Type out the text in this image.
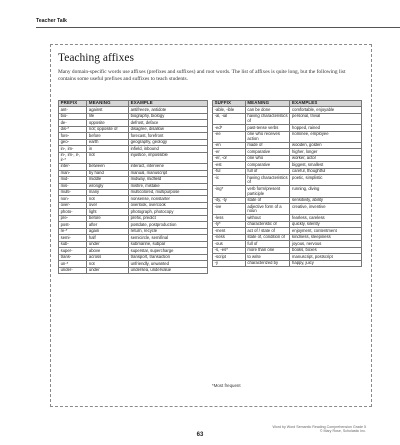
Teacher Talk
Teaching affixes
Many domain-specific words use affixes (prefixes and suffixes) and root words. The list of affixes is quite long, but the following list contains some useful prefixes and suffixes to teach students.
PREFIX	MEANING	EXAMPLE
ant-	against	antifreeze, antidote
bio-	life	biography, biology
de-	opposite	defrost, deface
dis-*	not; opposite of	disagree, disallow
fore-	before	forecast, forefront
geo-	earth	geography, geology
in-, im-	in	infield, inbound
in-, im-, il-, ir-*	not	injustice, impossible
inter-	between	interact, intervene
man-	by hand	manual, manuscript
mid-	middle	midway, midfield
mis-	wrongly	misfire, mistake
multi-	many	multicolored, multipurpose
non-	not	nonsense, nonstarter
over-	over	overlook, overcook
photo-	light	photograph, photocopy
pre-	before	prefix, predict
post-	after	postdate, postproduction
re-*	again	return, recycle
semi-	half	semicircle, semifinal
sub-	under	submarine, subpar
super-	above	superstar, supercharge
trans-	across	transport, transaction
un-*	not	unfriendly, unwanted
under-	under	undersea, undervalue
SUFFIX	MEANING	EXAMPLES
-able, -ible	can be done	comfortable, enjoyable
-al, -ial	having characteristics of	personal, trivial
-ed*	past-tense verbs	hopped, rained
-ee	one who receives action	nominee, employee
-en	made of	wooden, golden
-er	comparative	higher, longer
-er, -or	one who	worker, actor
-est	comparative	biggest, smallest
-ful	full of	careful, thoughtful
-ic	having characteristics of	poetic, simplistic
-ing*	verb form/present participle	running, diving
-ity, -ty	state of	sensitivity, ability
-ive	adjective form of a noun	creative, inventive
-less	without	fearless, careless
-ly*	characteristic of	quickly, silently
-ment	act of / state of	enjoyment, contentment
-ness	state of, condition of	kindness, sleepiness
-ous	full of	joyous, nervous
-s, -es*	more than one	books, boxes
-script	to write	manuscript, postscript
-y	characterized by	happy, juicy
*Most frequent
Word by Word Semantic Reading Comprehension Grade 5
© Mary Rose, Scholastic Inc.
63
